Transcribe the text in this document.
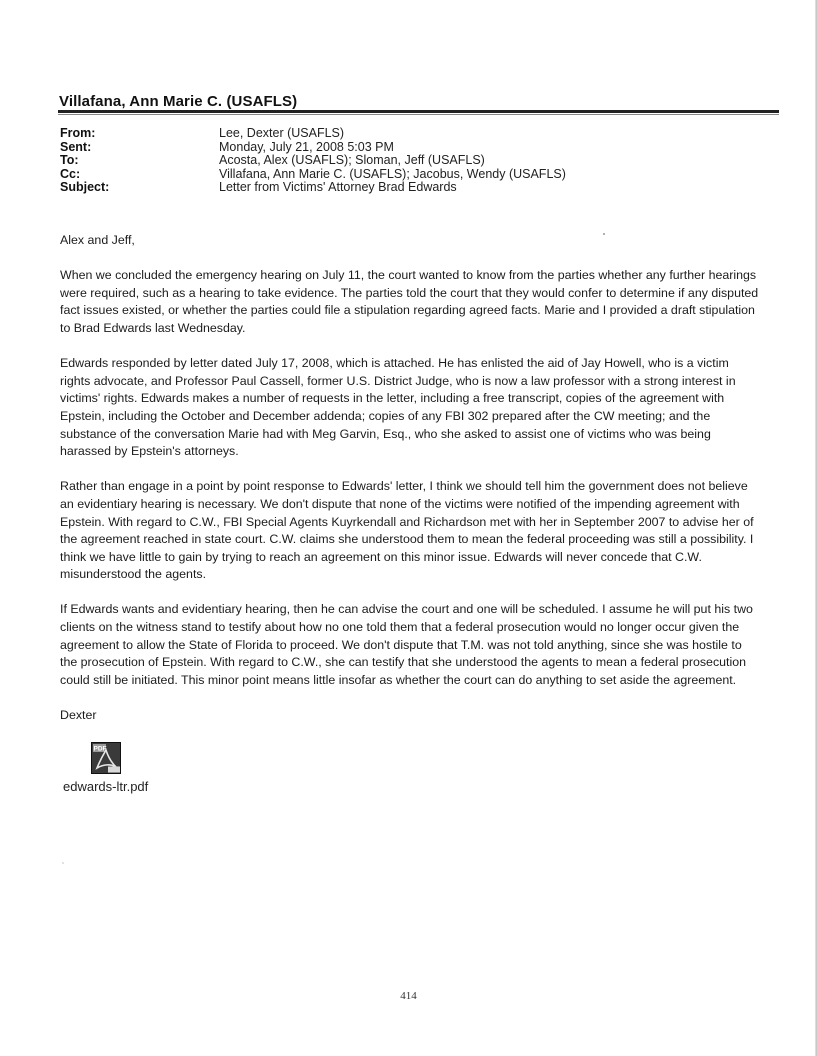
Villafana, Ann Marie C. (USAFLS)
From:	Lee, Dexter (USAFLS)
Sent:	Monday, July 21, 2008 5:03 PM
To:	Acosta, Alex (USAFLS); Sloman, Jeff (USAFLS)
Cc:	Villafana, Ann Marie C. (USAFLS); Jacobus, Wendy (USAFLS)
Subject:	Letter from Victims' Attorney Brad Edwards

Alex and Jeff,

When we concluded the emergency hearing on July 11, the court wanted to know from the parties whether any further hearings were required, such as a hearing to take evidence. The parties told the court that they would confer to determine if any disputed fact issues existed, or whether the parties could file a stipulation regarding agreed facts. Marie and I provided a draft stipulation to Brad Edwards last Wednesday.

Edwards responded by letter dated July 17, 2008, which is attached. He has enlisted the aid of Jay Howell, who is a victim rights advocate, and Professor Paul Cassell, former U.S. District Judge, who is now a law professor with a strong interest in victims' rights. Edwards makes a number of requests in the letter, including a free transcript, copies of the agreement with Epstein, including the October and December addenda; copies of any FBI 302 prepared after the CW meeting; and the substance of the conversation Marie had with Meg Garvin, Esq., who she asked to assist one of victims who was being harassed by Epstein's attorneys.

Rather than engage in a point by point response to Edwards' letter, I think we should tell him the government does not believe an evidentiary hearing is necessary. We don't dispute that none of the victims were notified of the impending agreement with Epstein. With regard to C.W., FBI Special Agents Kuyrkendall and Richardson met with her in September 2007 to advise her of the agreement reached in state court. C.W. claims she understood them to mean the federal proceeding was still a possibility. I think we have little to gain by trying to reach an agreement on this minor issue. Edwards will never concede that C.W. misunderstood the agents.

If Edwards wants and evidentiary hearing, then he can advise the court and one will be scheduled. I assume he will put his two clients on the witness stand to testify about how no one told them that a federal prosecution would no longer occur given the agreement to allow the State of Florida to proceed. We don't dispute that T.M. was not told anything, since she was hostile to the prosecution of Epstein. With regard to C.W., she can testify that she understood the agents to mean a federal prosecution could still be initiated. This minor point means little insofar as whether the court can do anything to set aside the agreement.

Dexter

PDF
edwards-ltr.pdf
414
